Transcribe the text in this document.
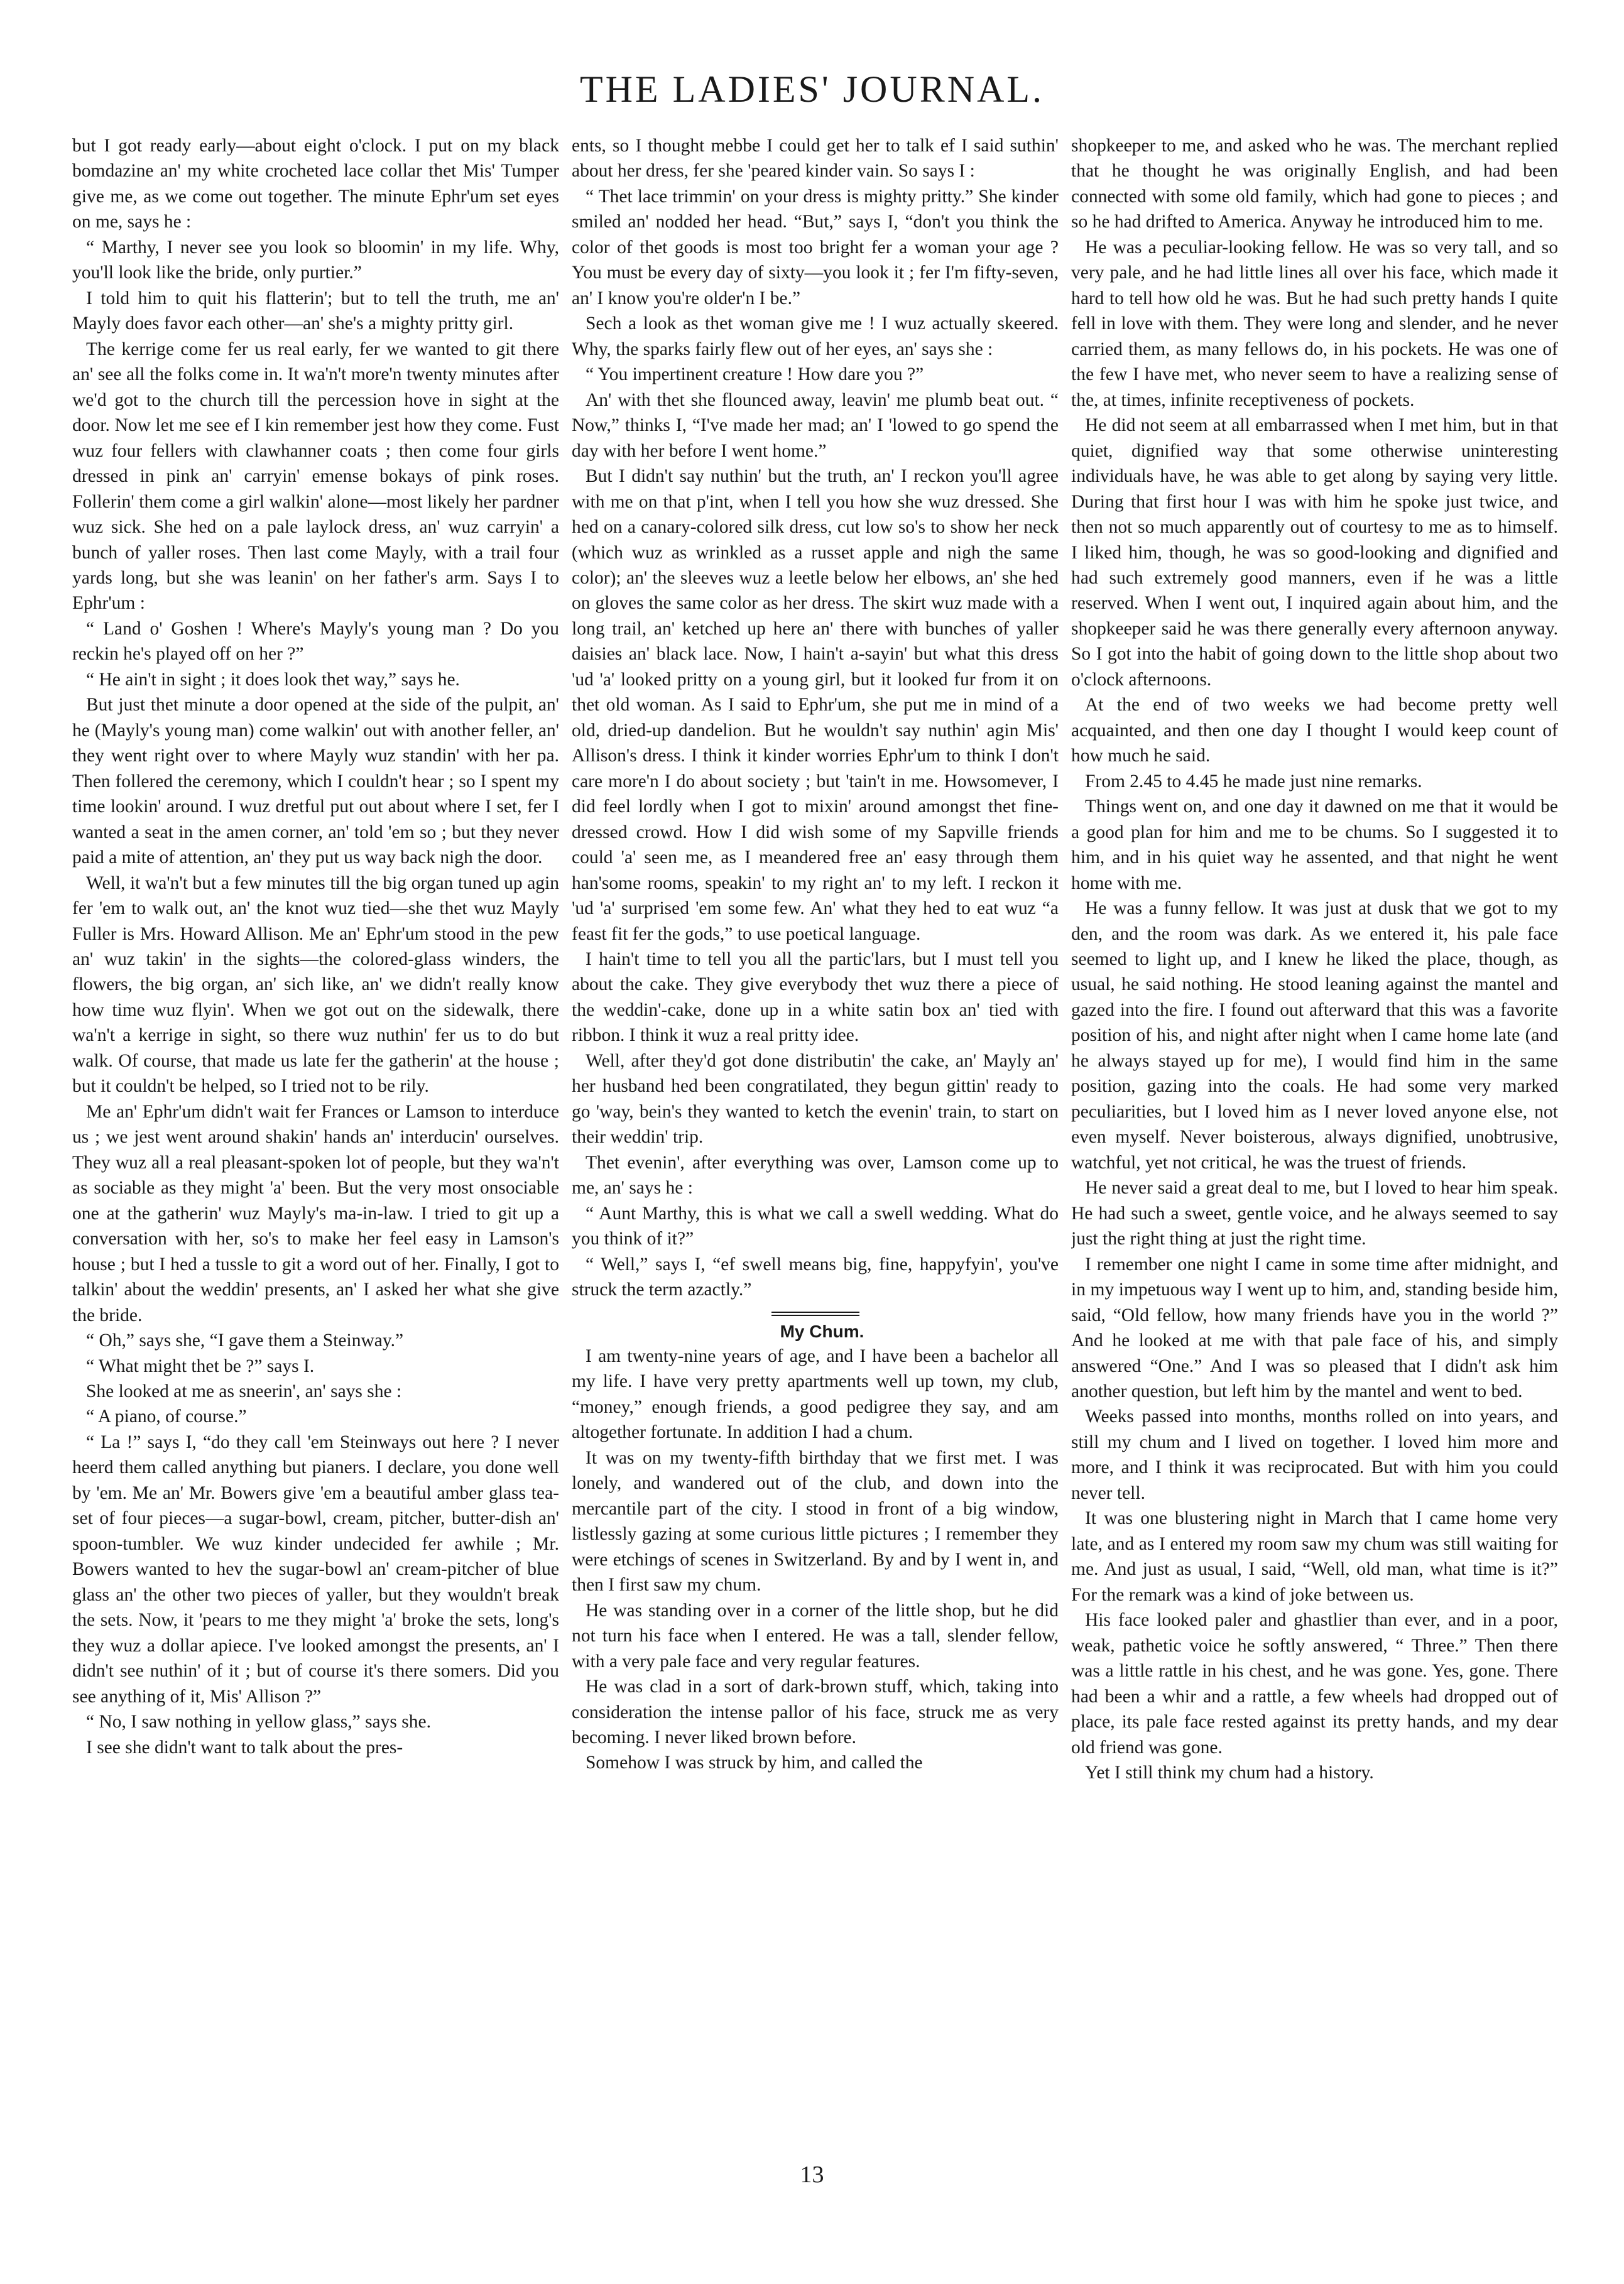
THE LADIES' JOURNAL.

but I got ready early—about eight o'clock. I put on my black bomdazine an' my white crocheted lace collar thet Mis' Tumper give me, as we come out together. The minute Ephr'um set eyes on me, says he :

“ Marthy, I never see you look so bloomin' in my life. Why, you'll look like the bride, only purtier.”

I told him to quit his flatterin'; but to tell the truth, me an' Mayly does favor each other—an' she's a mighty pritty girl.

The kerrige come fer us real early, fer we wanted to git there an' see all the folks come in. It wa'n't more'n twenty minutes after we'd got to the church till the percession hove in sight at the door. Now let me see ef I kin remember jest how they come. Fust wuz four fellers with clawhanner coats ; then come four girls dressed in pink an' carryin' emense bokays of pink roses. Follerin' them come a girl walkin' alone—most likely her pardner wuz sick. She hed on a pale laylock dress, an' wuz carryin' a bunch of yaller roses. Then last come Mayly, with a trail four yards long, but she was leanin' on her father's arm. Says I to Ephr'um :

“ Land o' Goshen ! Where's Mayly's young man ? Do you reckin he's played off on her ?”

“ He ain't in sight ; it does look thet way,” says he.

But just thet minute a door opened at the side of the pulpit, an' he (Mayly's young man) come walkin' out with another feller, an' they went right over to where Mayly wuz standin' with her pa. Then follered the ceremony, which I couldn't hear ; so I spent my time lookin' around. I wuz dretful put out about where I set, fer I wanted a seat in the amen corner, an' told 'em so ; but they never paid a mite of attention, an' they put us way back nigh the door.

Well, it wa'n't but a few minutes till the big organ tuned up agin fer 'em to walk out, an' the knot wuz tied—she thet wuz Mayly Fuller is Mrs. Howard Allison. Me an' Ephr'um stood in the pew an' wuz takin' in the sights—the colored-glass winders, the flowers, the big organ, an' sich like, an' we didn't really know how time wuz flyin'. When we got out on the sidewalk, there wa'n't a kerrige in sight, so there wuz nuthin' fer us to do but walk. Of course, that made us late fer the gatherin' at the house ; but it couldn't be helped, so I tried not to be rily.

Me an' Ephr'um didn't wait fer Frances or Lamson to interduce us ; we jest went around shakin' hands an' interducin' ourselves. They wuz all a real pleasant-spoken lot of people, but they wa'n't as sociable as they might 'a' been. But the very most onsociable one at the gatherin' wuz Mayly's ma-in-law. I tried to git up a conversation with her, so's to make her feel easy in Lamson's house ; but I hed a tussle to git a word out of her. Finally, I got to talkin' about the weddin' presents, an' I asked her what she give the bride.

“ Oh,” says she, “I gave them a Steinway.”

“ What might thet be ?” says I.

She looked at me as sneerin', an' says she :

“ A piano, of course.”

“ La !” says I, “do they call 'em Steinways out here ? I never heerd them called anything but pianers. I declare, you done well by 'em. Me an' Mr. Bowers give 'em a beautiful amber glass tea-set of four pieces—a sugar-bowl, cream, pitcher, butter-dish an' spoon-tumbler. We wuz kinder undecided fer awhile ; Mr. Bowers wanted to hev the sugar-bowl an' cream-pitcher of blue glass an' the other two pieces of yaller, but they wouldn't break the sets. Now, it 'pears to me they might 'a' broke the sets, long's they wuz a dollar apiece. I've looked amongst the presents, an' I didn't see nuthin' of it ; but of course it's there somers. Did you see anything of it, Mis' Allison ?”

“ No, I saw nothing in yellow glass,” says she.

I see she didn't want to talk about the pres-

ents, so I thought mebbe I could get her to talk ef I said suthin' about her dress, fer she 'peared kinder vain. So says I :

“ Thet lace trimmin' on your dress is mighty pritty.” She kinder smiled an' nodded her head. “But,” says I, “don't you think the color of thet goods is most too bright fer a woman your age ? You must be every day of sixty—you look it ; fer I'm fifty-seven, an' I know you're older'n I be.”

Sech a look as thet woman give me ! I wuz actually skeered. Why, the sparks fairly flew out of her eyes, an' says she :

“ You impertinent creature ! How dare you ?”

An' with thet she flounced away, leavin' me plumb beat out. “ Now,” thinks I, “I've made her mad; an' I 'lowed to go spend the day with her before I went home.”

But I didn't say nuthin' but the truth, an' I reckon you'll agree with me on that p'int, when I tell you how she wuz dressed. She hed on a canary-colored silk dress, cut low so's to show her neck (which wuz as wrinkled as a russet apple and nigh the same color); an' the sleeves wuz a leetle below her elbows, an' she hed on gloves the same color as her dress. The skirt wuz made with a long trail, an' ketched up here an' there with bunches of yaller daisies an' black lace. Now, I hain't a-sayin' but what this dress 'ud 'a' looked pritty on a young girl, but it looked fur from it on thet old woman. As I said to Ephr'um, she put me in mind of a old, dried-up dandelion. But he wouldn't say nuthin' agin Mis' Allison's dress. I think it kinder worries Ephr'um to think I don't care more'n I do about society ; but 'tain't in me. Howsomever, I did feel lordly when I got to mixin' around amongst thet fine-dressed crowd. How I did wish some of my Sapville friends could 'a' seen me, as I meandered free an' easy through them han'some rooms, speakin' to my right an' to my left. I reckon it 'ud 'a' surprised 'em some few. An' what they hed to eat wuz “a feast fit fer the gods,” to use poetical language.

I hain't time to tell you all the partic'lars, but I must tell you about the cake. They give everybody thet wuz there a piece of the weddin'-cake, done up in a white satin box an' tied with ribbon. I think it wuz a real pritty idee.

Well, after they'd got done distributin' the cake, an' Mayly an' her husband hed been congratilated, they begun gittin' ready to go 'way, bein's they wanted to ketch the evenin' train, to start on their weddin' trip.

Thet evenin', after everything was over, Lamson come up to me, an' says he :

“ Aunt Marthy, this is what we call a swell wedding. What do you think of it?”

“ Well,” says I, “ef swell means big, fine, happyfyin', you've struck the term azactly.”

My Chum.

I am twenty-nine years of age, and I have been a bachelor all my life. I have very pretty apartments well up town, my club, “money,” enough friends, a good pedigree they say, and am altogether fortunate. In addition I had a chum.

It was on my twenty-fifth birthday that we first met. I was lonely, and wandered out of the club, and down into the mercantile part of the city. I stood in front of a big window, listlessly gazing at some curious little pictures ; I remember they were etchings of scenes in Switzerland. By and by I went in, and then I first saw my chum.

He was standing over in a corner of the little shop, but he did not turn his face when I entered. He was a tall, slender fellow, with a very pale face and very regular features.

He was clad in a sort of dark-brown stuff, which, taking into consideration the intense pallor of his face, struck me as very becoming. I never liked brown before.

Somehow I was struck by him, and called the

shopkeeper to me, and asked who he was. The merchant replied that he thought he was originally English, and had been connected with some old family, which had gone to pieces ; and so he had drifted to America. Anyway he introduced him to me.

He was a peculiar-looking fellow. He was so very tall, and so very pale, and he had little lines all over his face, which made it hard to tell how old he was. But he had such pretty hands I quite fell in love with them. They were long and slender, and he never carried them, as many fellows do, in his pockets. He was one of the few I have met, who never seem to have a realizing sense of the, at times, infinite receptiveness of pockets.

He did not seem at all embarrassed when I met him, but in that quiet, dignified way that some otherwise uninteresting individuals have, he was able to get along by saying very little. During that first hour I was with him he spoke just twice, and then not so much apparently out of courtesy to me as to himself. I liked him, though, he was so good-looking and dignified and had such extremely good manners, even if he was a little reserved. When I went out, I inquired again about him, and the shopkeeper said he was there generally every afternoon anyway. So I got into the habit of going down to the little shop about two o'clock afternoons.

At the end of two weeks we had become pretty well acquainted, and then one day I thought I would keep count of how much he said.

From 2.45 to 4.45 he made just nine remarks.

Things went on, and one day it dawned on me that it would be a good plan for him and me to be chums. So I suggested it to him, and in his quiet way he assented, and that night he went home with me.

He was a funny fellow. It was just at dusk that we got to my den, and the room was dark. As we entered it, his pale face seemed to light up, and I knew he liked the place, though, as usual, he said nothing. He stood leaning against the mantel and gazed into the fire. I found out afterward that this was a favorite position of his, and night after night when I came home late (and he always stayed up for me), I would find him in the same position, gazing into the coals. He had some very marked peculiarities, but I loved him as I never loved anyone else, not even myself. Never boisterous, always dignified, unobtrusive, watchful, yet not critical, he was the truest of friends.

He never said a great deal to me, but I loved to hear him speak. He had such a sweet, gentle voice, and he always seemed to say just the right thing at just the right time.

I remember one night I came in some time after midnight, and in my impetuous way I went up to him, and, standing beside him, said, “Old fellow, how many friends have you in the world ?” And he looked at me with that pale face of his, and simply answered “One.” And I was so pleased that I didn't ask him another question, but left him by the mantel and went to bed.

Weeks passed into months, months rolled on into years, and still my chum and I lived on together. I loved him more and more, and I think it was reciprocated. But with him you could never tell.

It was one blustering night in March that I came home very late, and as I entered my room saw my chum was still waiting for me. And just as usual, I said, “Well, old man, what time is it?” For the remark was a kind of joke between us.

His face looked paler and ghastlier than ever, and in a poor, weak, pathetic voice he softly answered, “ Three.” Then there was a little rattle in his chest, and he was gone. Yes, gone. There had been a whir and a rattle, a few wheels had dropped out of place, its pale face rested against its pretty hands, and my dear old friend was gone.

Yet I still think my chum had a history.

13
